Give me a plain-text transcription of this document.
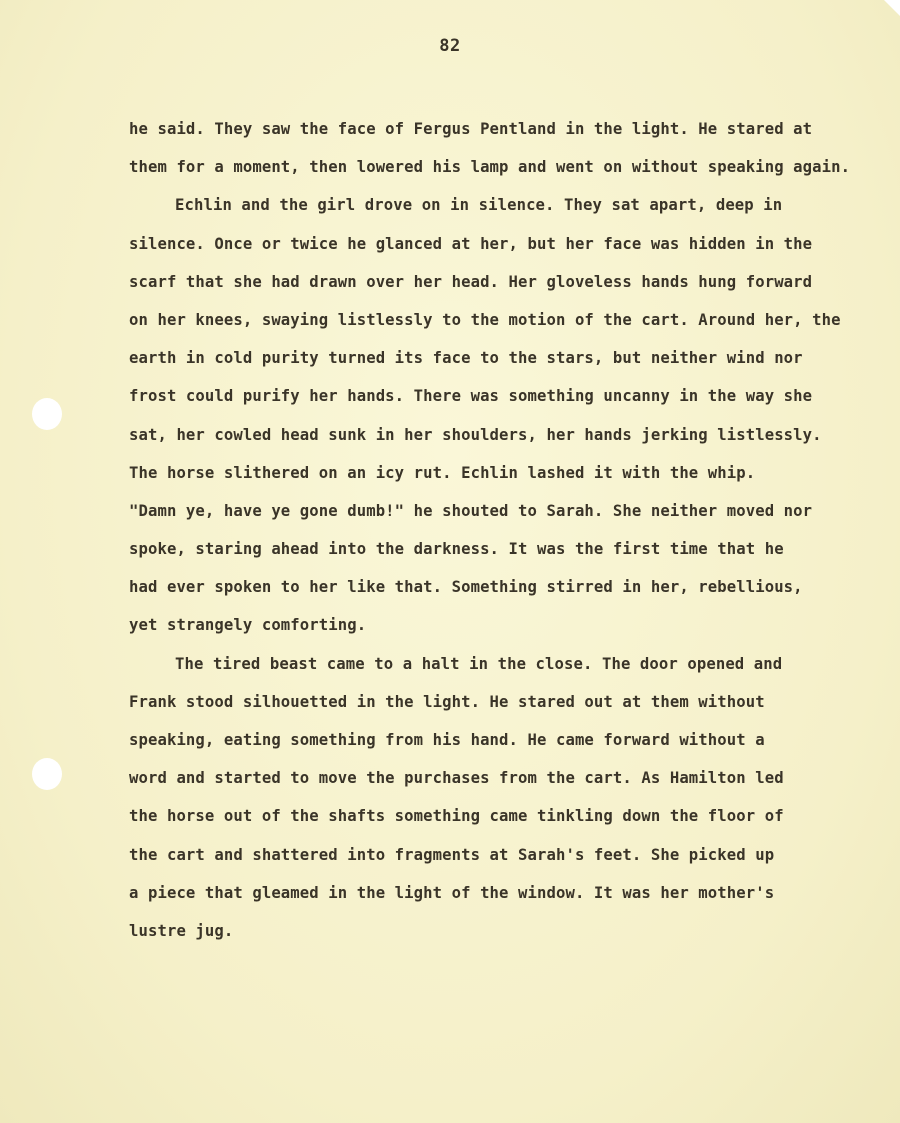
82
he said. They saw the face of Fergus Pentland in the light. He stared at
them for a moment, then lowered his lamp and went on without speaking again.
Echlin and the girl drove on in silence. They sat apart, deep in
silence. Once or twice he glanced at her, but her face was hidden in the
scarf that she had drawn over her head. Her gloveless hands hung forward
on her knees, swaying listlessly to the motion of the cart. Around her, the
earth in cold purity turned its face to the stars, but neither wind nor
frost could purify her hands. There was something uncanny in the way she
sat, her cowled head sunk in her shoulders, her hands jerking listlessly.
The horse slithered on an icy rut. Echlin lashed it with the whip.
"Damn ye, have ye gone dumb!" he shouted to Sarah. She neither moved nor
spoke, staring ahead into the darkness. It was the first time that he
had ever spoken to her like that. Something stirred in her, rebellious,
yet strangely comforting.
The tired beast came to a halt in the close. The door opened and
Frank stood silhouetted in the light. He stared out at them without
speaking, eating something from his hand. He came forward without a
word and started to move the purchases from the cart. As Hamilton led
the horse out of the shafts something came tinkling down the floor of
the cart and shattered into fragments at Sarah's feet. She picked up
a piece that gleamed in the light of the window. It was her mother's
lustre jug.
